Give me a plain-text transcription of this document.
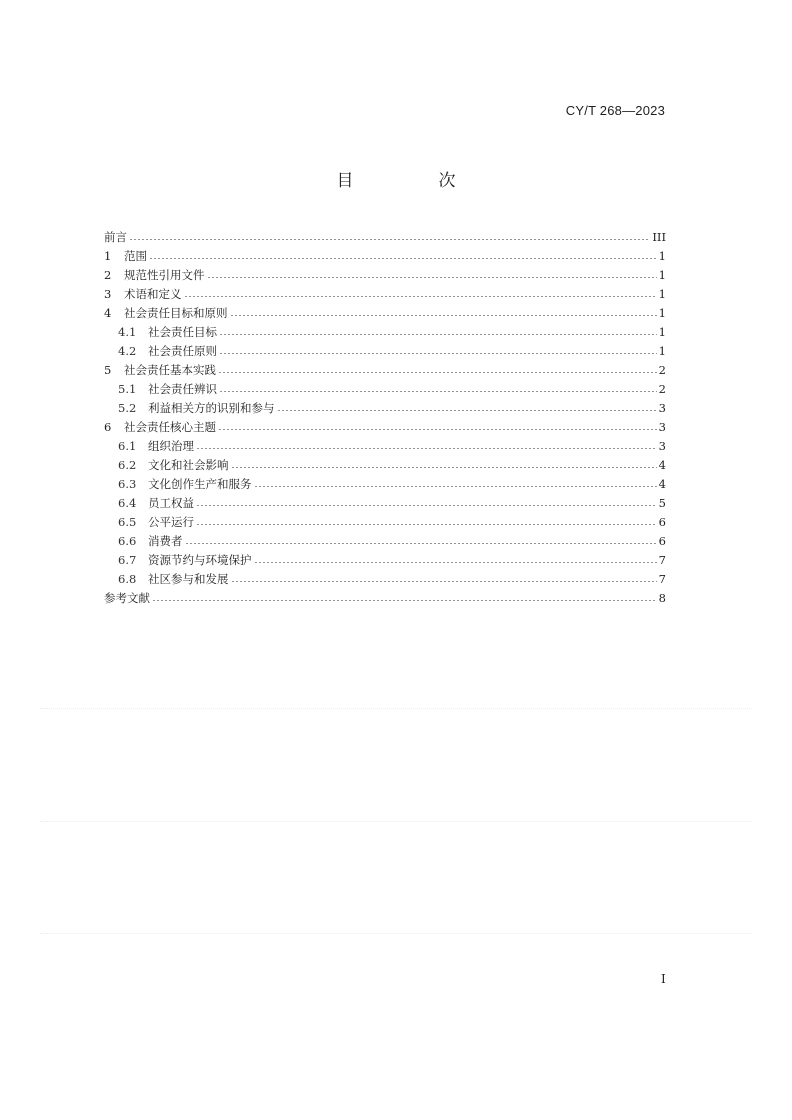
CY/T 268—2023
目　次
前言	III
1	范围	1
2	规范性引用文件	1
3	术语和定义	1
4	社会责任目标和原则	1
4.1	社会责任目标	1
4.2	社会责任原则	1
5	社会责任基本实践	2
5.1	社会责任辨识	2
5.2	利益相关方的识别和参与	3
6	社会责任核心主题	3
6.1	组织治理	3
6.2	文化和社会影响	4
6.3	文化创作生产和服务	4
6.4	员工权益	5
6.5	公平运行	6
6.6	消费者	6
6.7	资源节约与环境保护	7
6.8	社区参与和发展	7
参考文献	8
I
